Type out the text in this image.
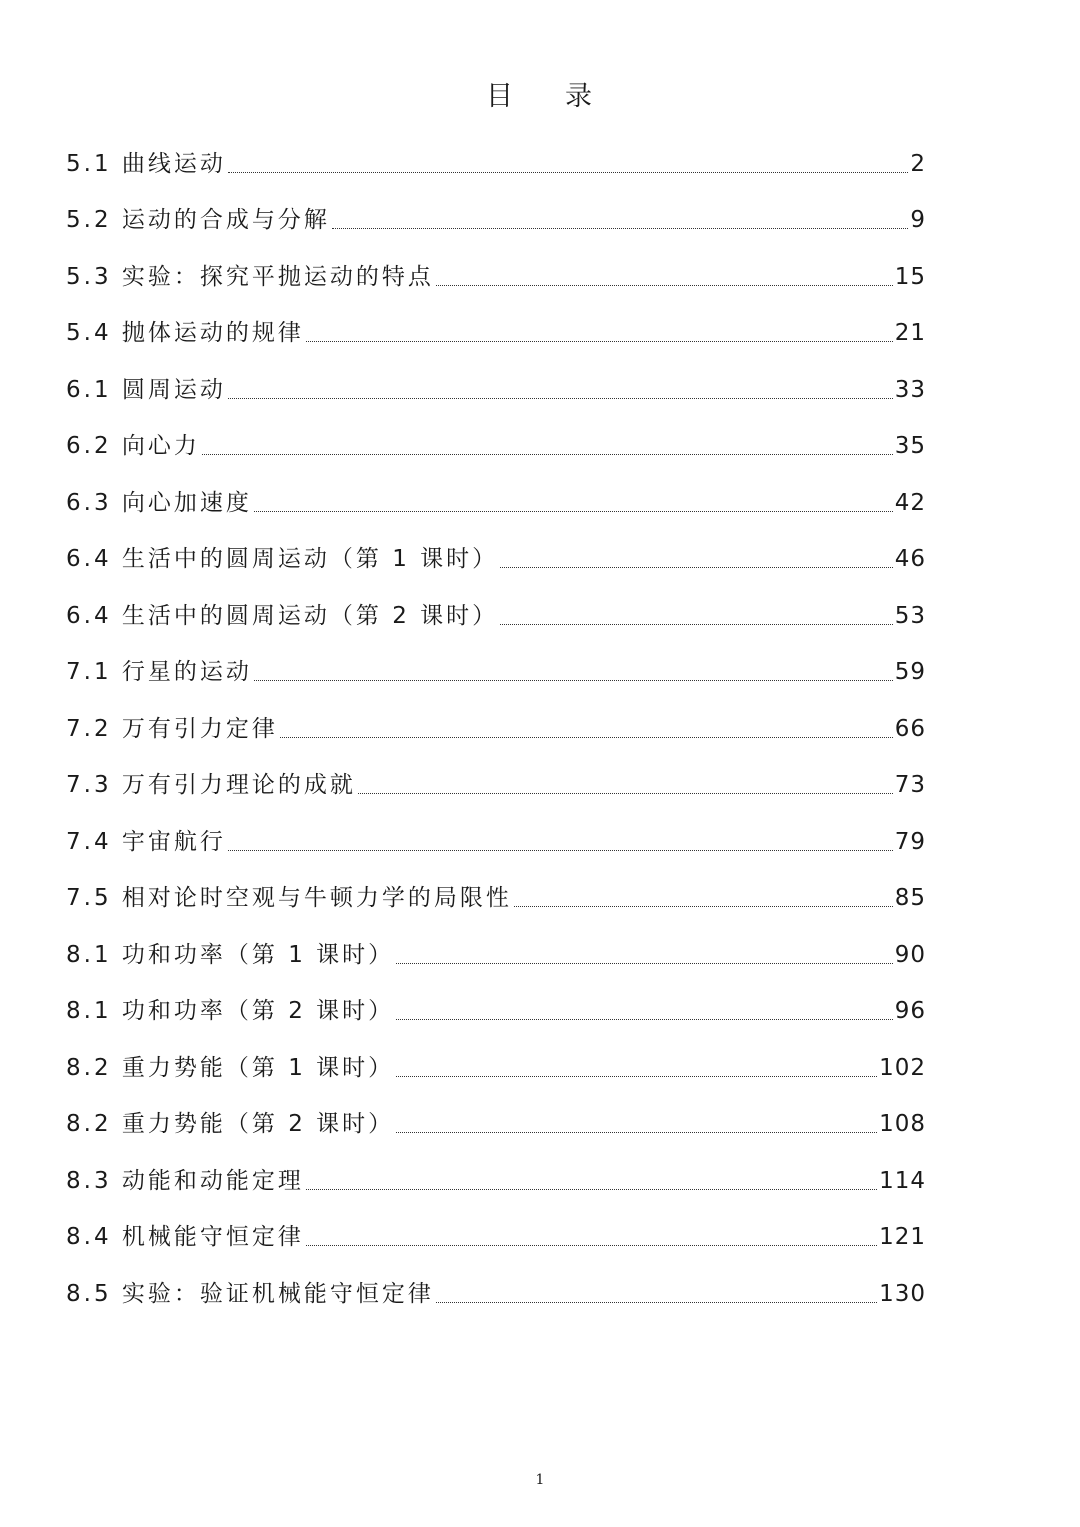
目 录
5.1 曲线运动	2
5.2 运动的合成与分解	9
5.3 实验：探究平抛运动的特点	15
5.4 抛体运动的规律	21
6.1 圆周运动	33
6.2 向心力	35
6.3 向心加速度	42
6.4 生活中的圆周运动（第 1 课时）	46
6.4 生活中的圆周运动（第 2 课时）	53
7.1 行星的运动	59
7.2 万有引力定律	66
7.3 万有引力理论的成就	73
7.4 宇宙航行	79
7.5 相对论时空观与牛顿力学的局限性	85
8.1 功和功率（第 1 课时）	90
8.1 功和功率（第 2 课时）	96
8.2 重力势能（第 1 课时）	102
8.2 重力势能（第 2 课时）	108
8.3 动能和动能定理	114
8.4 机械能守恒定律	121
8.5 实验：验证机械能守恒定律	130
1
